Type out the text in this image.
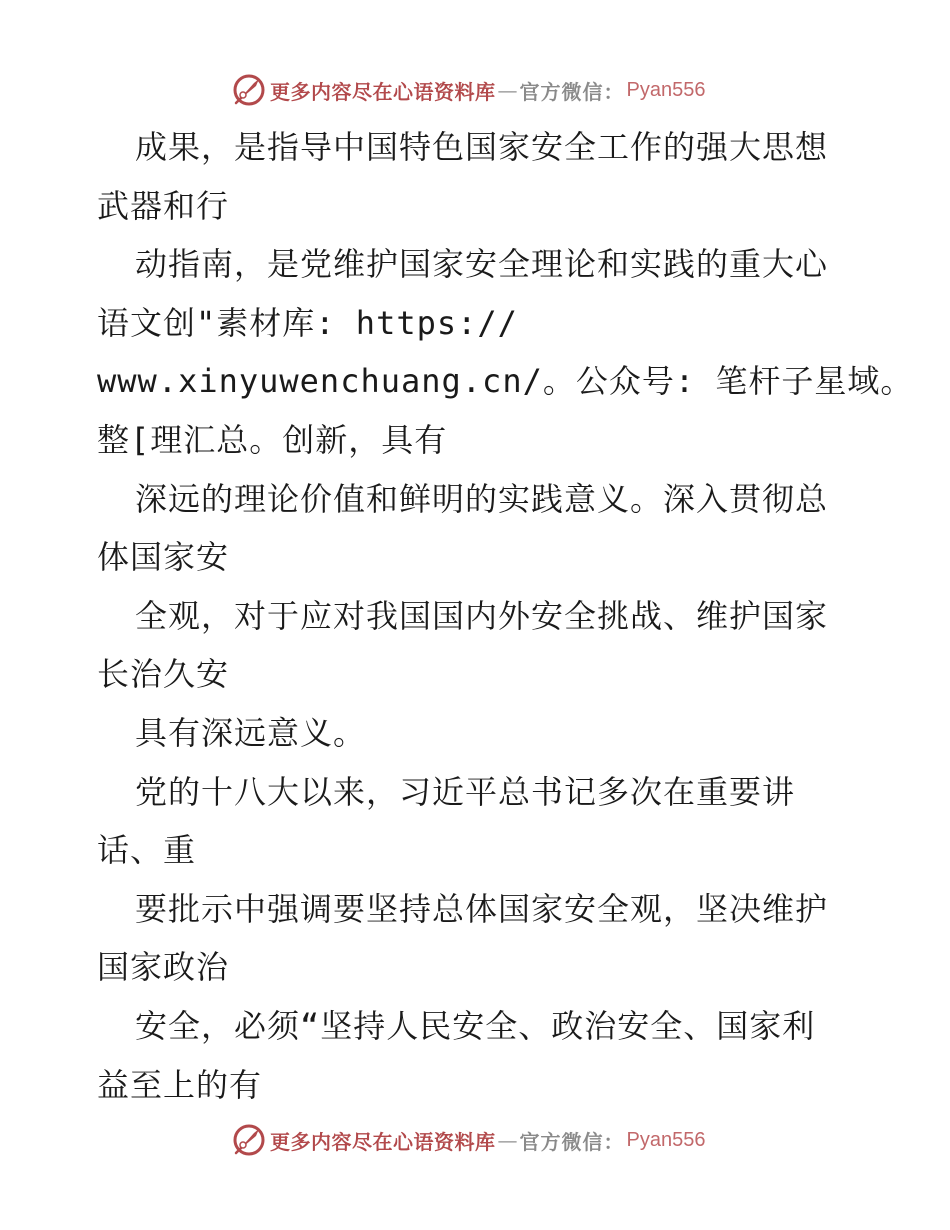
更多内容尽在心语资料库 — 官方微信： Pyan556
成果，是指导中国特色国家安全工作的强大思想
武器和行
动指南，是党维护国家安全理论和实践的重大心
语文创"素材库: https://
www.xinyuwenchuang.cn/。公众号: 笔杆子星域。
整[理汇总。创新，具有
深远的理论价值和鲜明的实践意义。深入贯彻总
体国家安
全观，对于应对我国国内外安全挑战、维护国家
长治久安
具有深远意义。
党的十八大以来，习近平总书记多次在重要讲
话、重
要批示中强调要坚持总体国家安全观，坚决维护
国家政治
安全，必须“坚持人民安全、政治安全、国家利
益至上的有
更多内容尽在心语资料库 — 官方微信： Pyan556
